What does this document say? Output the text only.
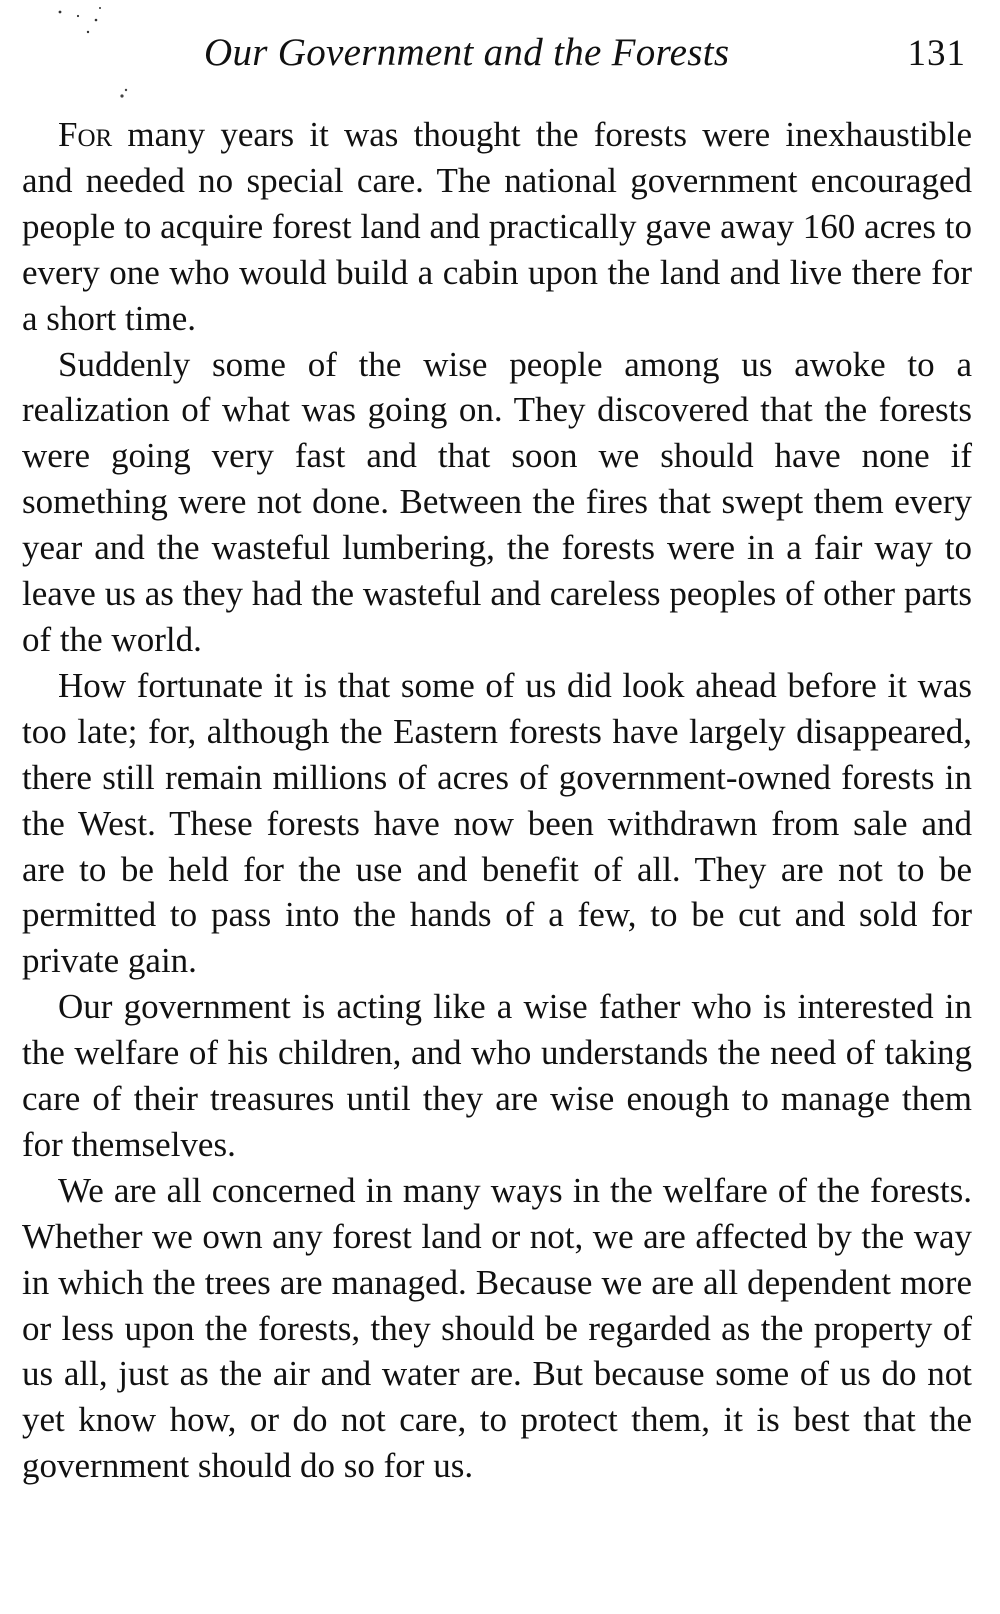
Our Government and the Forests	131

For many years it was thought the forests were inexhaustible and needed no special care. The national government encouraged people to acquire forest land and practically gave away 160 acres to every one who would build a cabin upon the land and live there for a short time.

Suddenly some of the wise people among us awoke to a realization of what was going on. They discovered that the forests were going very fast and that soon we should have none if something were not done. Between the fires that swept them every year and the wasteful lumbering, the forests were in a fair way to leave us as they had the wasteful and careless peoples of other parts of the world.

How fortunate it is that some of us did look ahead before it was too late; for, although the Eastern forests have largely disappeared, there still remain millions of acres of government-owned forests in the West. These forests have now been withdrawn from sale and are to be held for the use and benefit of all. They are not to be permitted to pass into the hands of a few, to be cut and sold for private gain.

Our government is acting like a wise father who is interested in the welfare of his children, and who understands the need of taking care of their treasures until they are wise enough to manage them for themselves.

We are all concerned in many ways in the welfare of the forests. Whether we own any forest land or not, we are affected by the way in which the trees are managed. Because we are all dependent more or less upon the forests, they should be regarded as the property of us all, just as the air and water are. But because some of us do not yet know how, or do not care, to protect them, it is best that the government should do so for us.
